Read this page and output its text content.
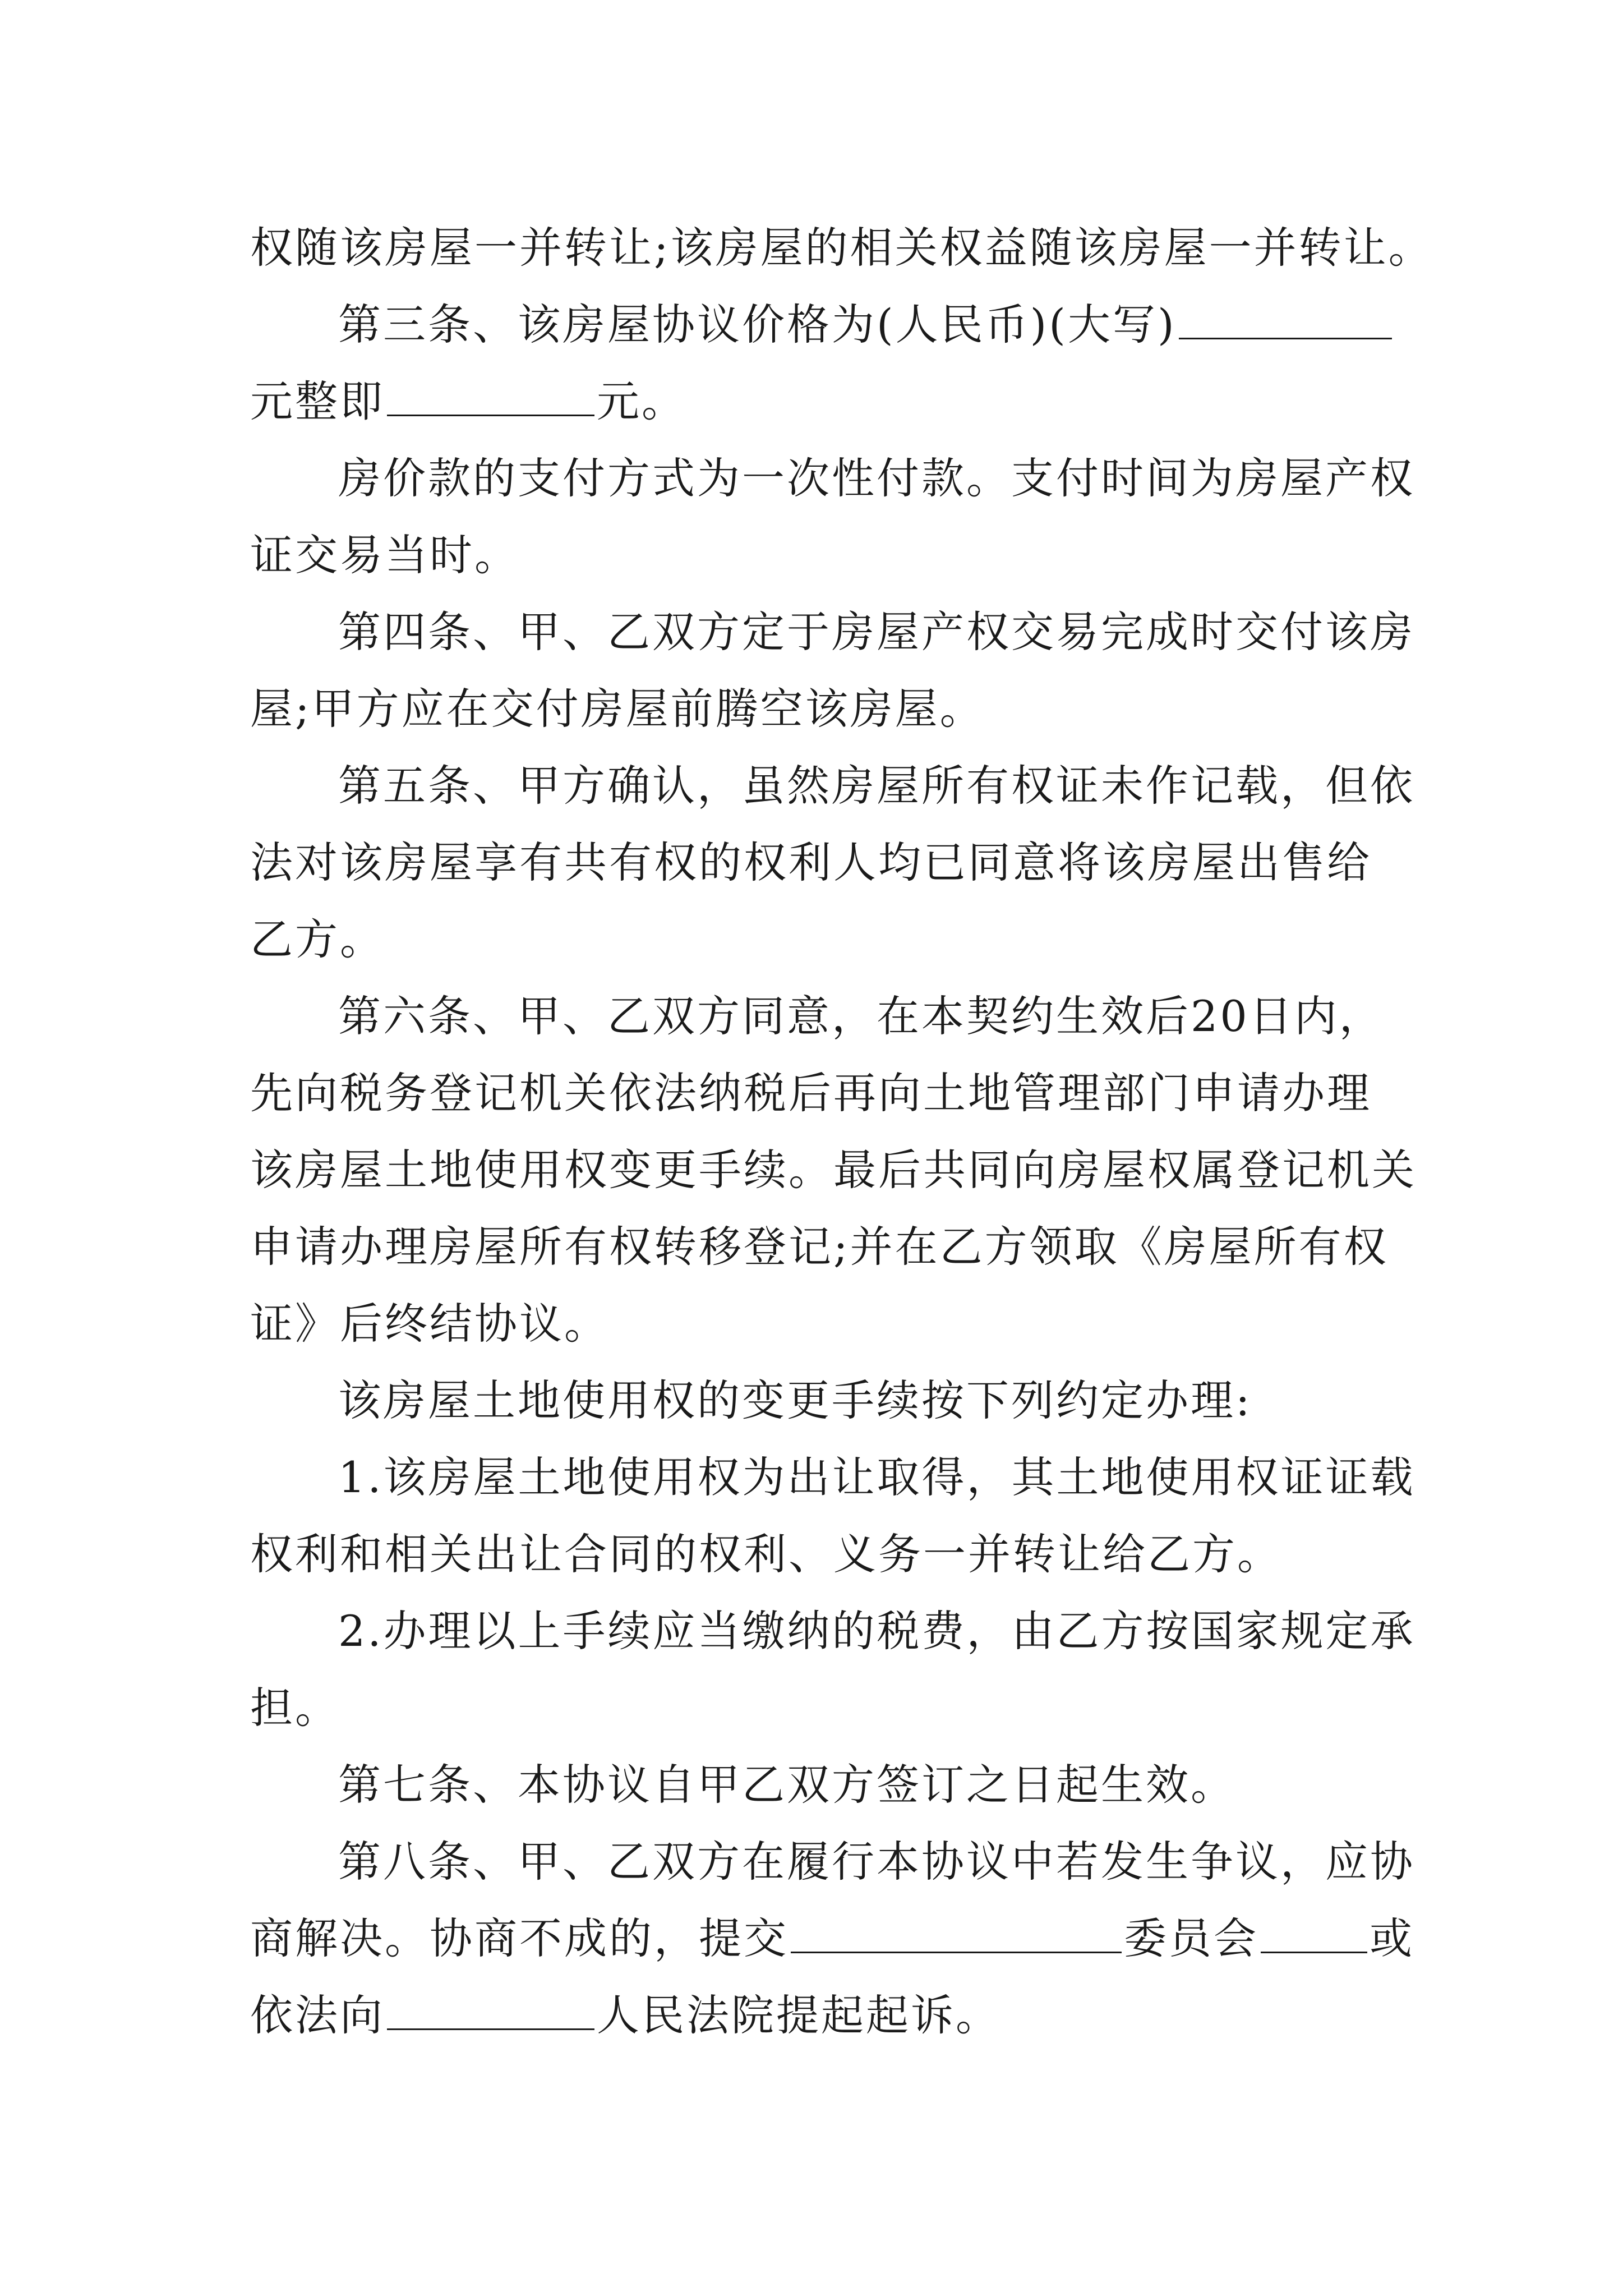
权随该房屋一并转让;该房屋的相关权益随该房屋一并转让。
第三条、该房屋协议价格为(人民币)(大写)
元整即	元。
房价款的支付方式为一次性付款。支付时间为房屋产权
证交易当时。
第四条、甲、乙双方定于房屋产权交易完成时交付该房
屋;甲方应在交付房屋前腾空该房屋。
第五条、甲方确认，虽然房屋所有权证未作记载，但依
法对该房屋享有共有权的权利人均已同意将该房屋出售给
乙方。
第六条、甲、乙双方同意，在本契约生效后20日内，
先向税务登记机关依法纳税后再向土地管理部门申请办理
该房屋土地使用权变更手续。最后共同向房屋权属登记机关
申请办理房屋所有权转移登记;并在乙方领取《房屋所有权
证》后终结协议。
该房屋土地使用权的变更手续按下列约定办理:
1.该房屋土地使用权为出让取得，其土地使用权证证载
权利和相关出让合同的权利、义务一并转让给乙方。
2.办理以上手续应当缴纳的税费，由乙方按国家规定承
担。
第七条、本协议自甲乙双方签订之日起生效。
第八条、甲、乙双方在履行本协议中若发生争议，应协
商解决。协商不成的，提交	委员会	或
依法向	人民法院提起起诉。
